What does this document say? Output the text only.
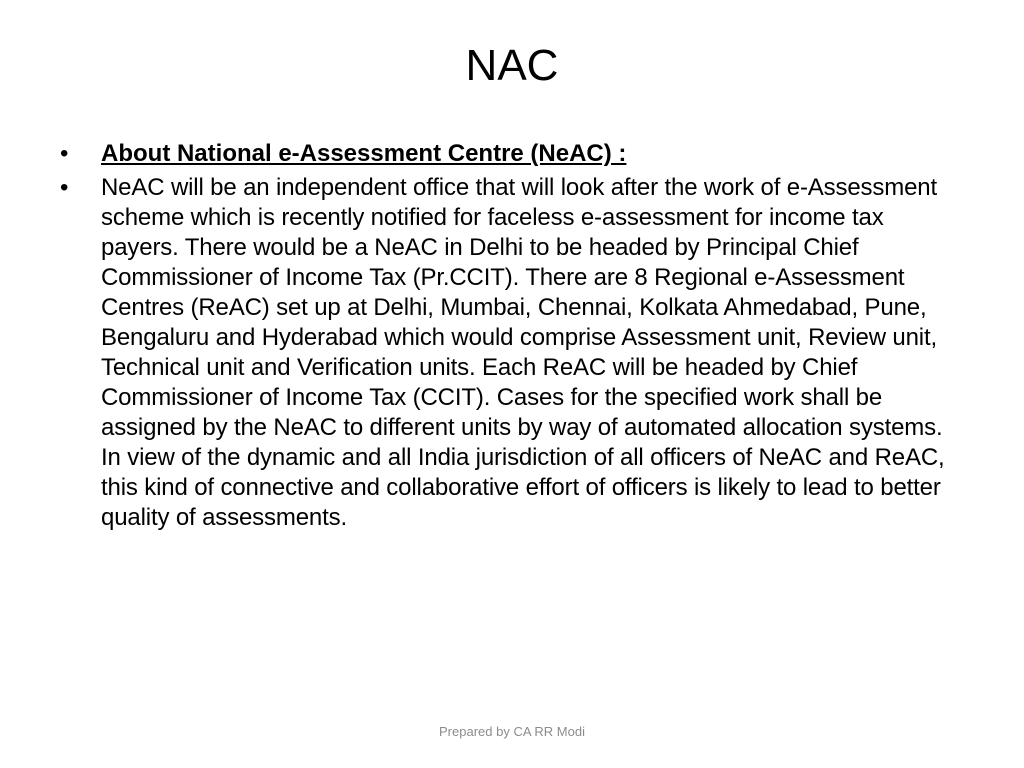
NAC
•	About National e-Assessment Centre (NeAC) :
•	NeAC will be an independent office that will look after the work of e-Assessment scheme which is recently notified for faceless e-assessment for income tax payers. There would be a NeAC in Delhi to be headed by Principal Chief Commissioner of Income Tax (Pr.CCIT). There are 8 Regional e-Assessment Centres (ReAC) set up at Delhi, Mumbai, Chennai, Kolkata Ahmedabad, Pune, Bengaluru and Hyderabad which would comprise Assessment unit, Review unit, Technical unit and Verification units. Each ReAC will be headed by Chief Commissioner of Income Tax (CCIT). Cases for the specified work shall be assigned by the NeAC to different units by way of automated allocation systems. In view of the dynamic and all India jurisdiction of all officers of NeAC and ReAC, this kind of connective and collaborative effort of officers is likely to lead to better quality of assessments.
Prepared by CA RR Modi
